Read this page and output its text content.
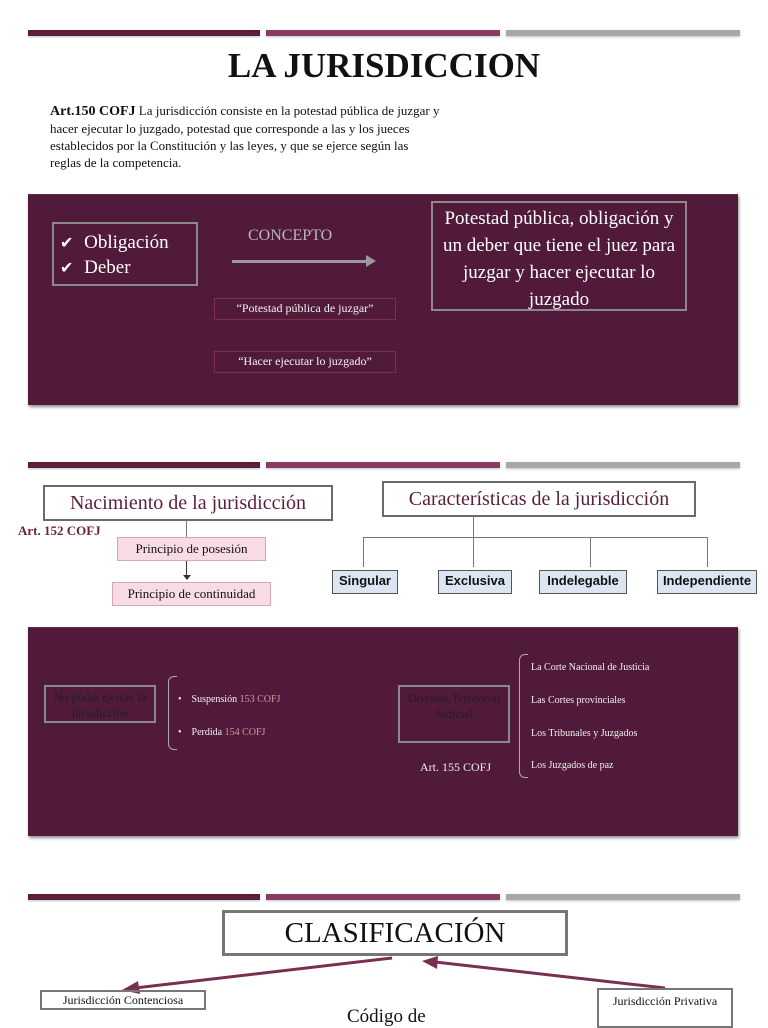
LA JURISDICCION
Art.150 COFJ La jurisdicción consiste en la potestad pública de juzgar y hacer ejecutar lo juzgado, potestad que corresponde a las y los jueces establecidos por la Constitución y las leyes, y que se ejerce según las reglas de la competencia.
✔ Obligación
✔ Deber
CONCEPTO
“Potestad pública de juzgar”
“Hacer ejecutar lo juzgado”
Potestad pública, obligación y un deber que tiene el juez para juzgar y hacer ejecutar lo juzgado
Nacimiento de la jurisdicción
Art. 152 COFJ
Principio de posesión
Principio de continuidad
Características de la jurisdicción
Singular	Exclusiva	Indelegable	Independiente
No podrá ejercer la jurisdicción
• Suspensión 153 COFJ
• Perdida 154 COFJ
División Territorial Judicial
Art. 155 COFJ
La Corte Nacional de Justicia
Las Cortes provinciales
Los Tribunales y Juzgados
Los Juzgados de paz
CLASIFICACIÓN
Jurisdicción Contenciosa
Código de
Jurisdicción Privativa
